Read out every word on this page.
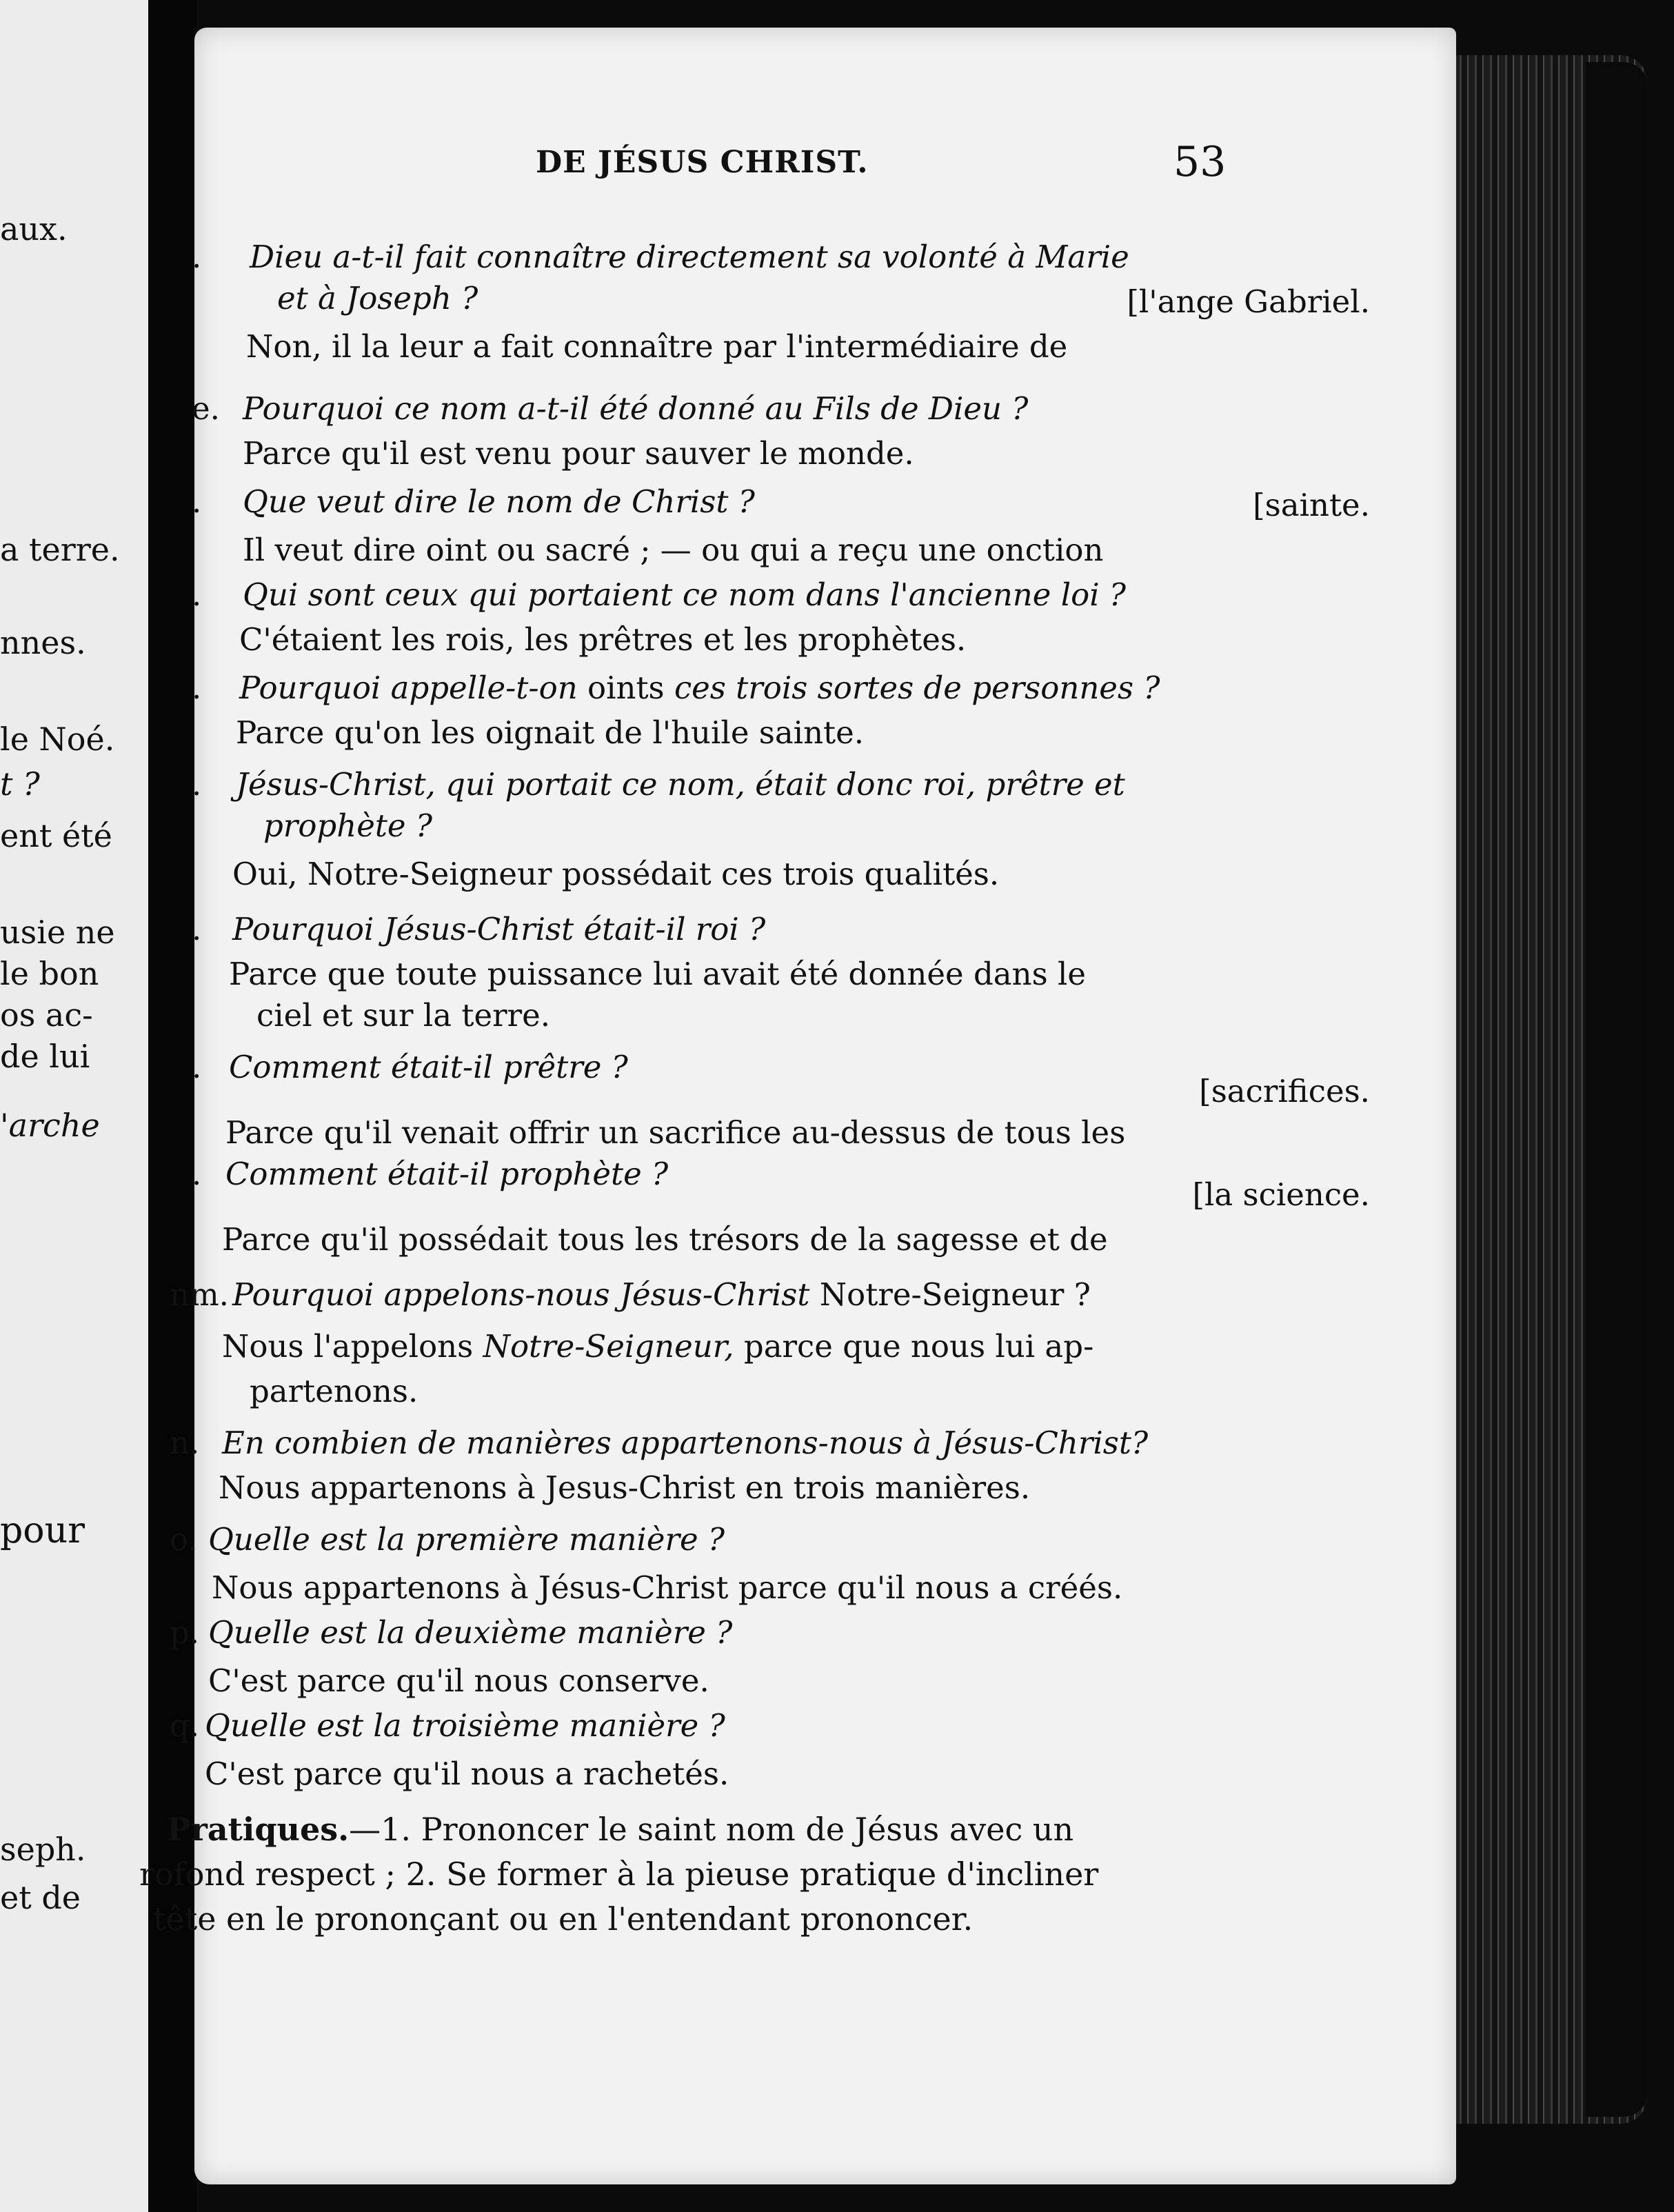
aux.
a terre.
nnes.
le Noé.
t ?
ent été
usie ne
le bon
os ac-
de lui
'arche
pour
seph.
et de
DE JÉSUS CHRIST.	53
. Dieu a-t-il fait connaître directement sa volonté à Marie
et à Joseph ?	[l'ange Gabriel.
Non, il la leur a fait connaître par l'intermédiaire de
e. Pourquoi ce nom a-t-il été donné au Fils de Dieu ?
Parce qu'il est venu pour sauver le monde.
. Que veut dire le nom de Christ ?	[sainte.
Il veut dire oint ou sacré ; — ou qui a reçu une onction
. Qui sont ceux qui portaient ce nom dans l'ancienne loi ?
C'étaient les rois, les prêtres et les prophètes.
. Pourquoi appelle-t-on oints ces trois sortes de personnes ?
Parce qu'on les oignait de l'huile sainte.
. Jésus-Christ, qui portait ce nom, était donc roi, prêtre et
prophète ?
Oui, Notre-Seigneur possédait ces trois qualités.
. Pourquoi Jésus-Christ était-il roi ?
Parce que toute puissance lui avait été donnée dans le
ciel et sur la terre.
. Comment était-il prêtre ?
[sacrifices.
Parce qu'il venait offrir un sacrifice au-dessus de tous les
. Comment était-il prophète ?
[la science.
Parce qu'il possédait tous les trésors de la sagesse et de
nm. Pourquoi appelons-nous Jésus-Christ Notre-Seigneur ?
Nous l'appelons Notre-Seigneur, parce que nous lui ap-
partenons.
n. En combien de manières appartenons-nous à Jésus-Christ?
Nous appartenons à Jesus-Christ en trois manières.
o. Quelle est la première manière ?
Nous appartenons à Jésus-Christ parce qu'il nous a créés.
p. Quelle est la deuxième manière ?
C'est parce qu'il nous conserve.
q. Quelle est la troisième manière ?
C'est parce qu'il nous a rachetés.
Pratiques.—1. Prononcer le saint nom de Jésus avec un
rofond respect ; 2. Se former à la pieuse pratique d'incliner
tête en le prononçant ou en l'entendant prononcer.
